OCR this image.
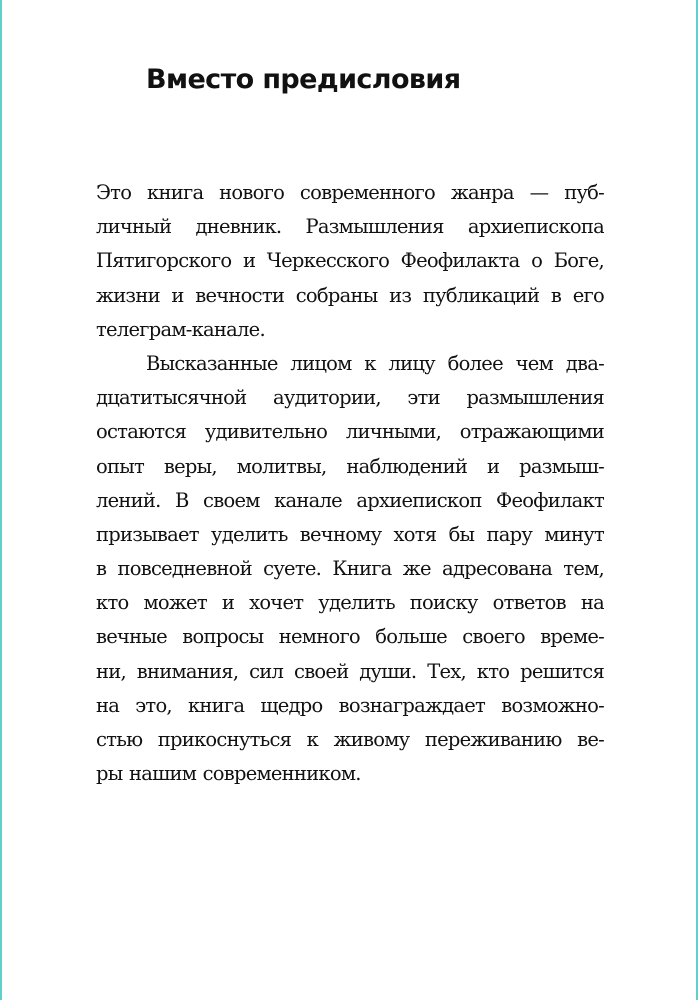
Вместо предисловия
Это книга нового современного жанра — пуб-
личный дневник. Размышления архиепископа
Пятигорского и Черкесского Феофилакта о Боге,
жизни и вечности собраны из публикаций в его
телеграм-канале.
Высказанные лицом к лицу более чем два-
дцатитысячной аудитории, эти размышления
остаются удивительно личными, отражающими
опыт веры, молитвы, наблюдений и размыш-
лений. В своем канале архиепископ Феофилакт
призывает уделить вечному хотя бы пару минут
в повседневной суете. Книга же адресована тем,
кто может и хочет уделить поиску ответов на
вечные вопросы немного больше своего време-
ни, внимания, сил своей души. Тех, кто решится
на это, книга щедро вознаграждает возможно-
стью прикоснуться к живому переживанию ве-
ры нашим современником.
